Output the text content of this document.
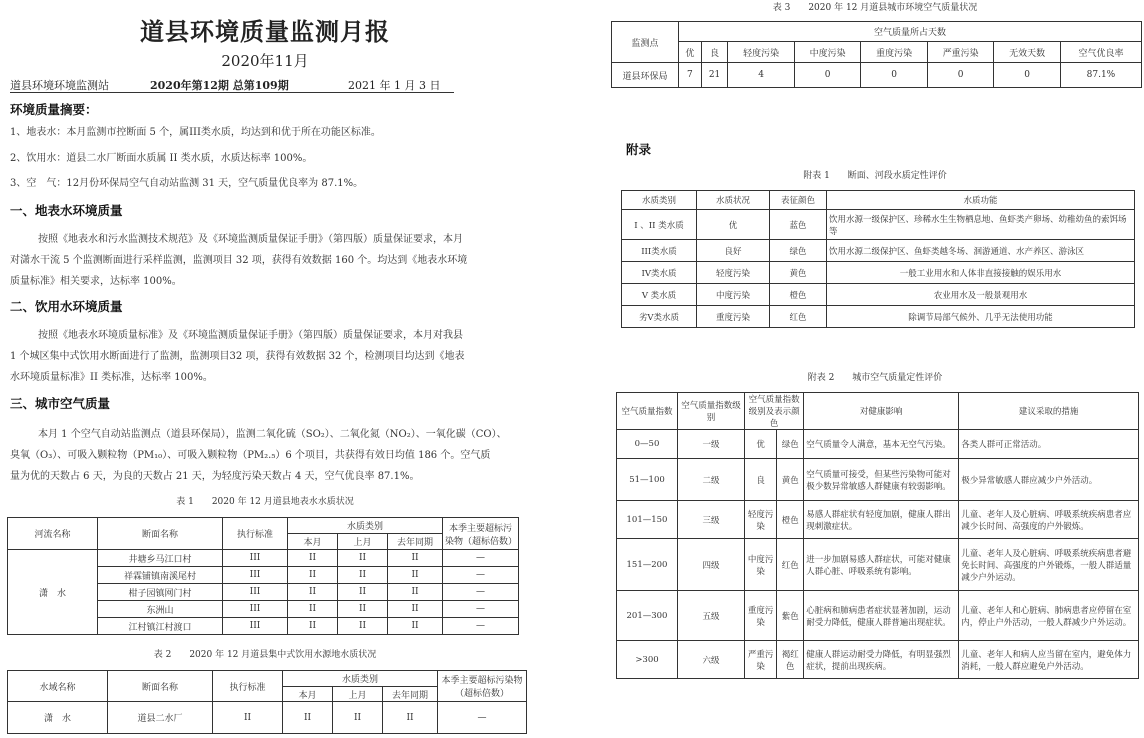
道县环境质量监测月报
2020年11月
道县环境环境监测站	2020年第12期 总第109期	2021 年 1 月 3 日
环境质量摘要：
1、地表水：本月监测市控断面 5 个，属III类水质，均达到和优于所在功能区标准。
2、饮用水：道县二水厂断面水质属 II 类水质，水质达标率 100%。
3、空　气：12月份环保局空气自动站监测 31 天，空气质量优良率为 87.1%。
一、地表水环境质量
按照《地表水和污水监测技术规范》及《环境监测质量保证手册》（第四版）质量保证要求，本月
对潇水干流 5 个监测断面进行采样监测，监测项目 32 项，获得有效数据 160 个。均达到《地表水环境
质量标准》相关要求，达标率 100%。
二、饮用水环境质量
按照《地表水环境质量标准》及《环境监测质量保证手册》（第四版）质量保证要求，本月对我县
1 个城区集中式饮用水断面进行了监测，监测项目32 项，获得有效数据 32 个，检测项目均达到《地表
水环境质量标准》II 类标准，达标率 100%。
三、城市空气质量
本月 1 个空气自动站监测点（道县环保局），监测二氧化硫（SO₂）、二氧化氮（NO₂）、一氧化碳（CO）、
臭氧（O₃）、可吸入颗粒物（PM₁₀）、可吸入颗粒物（PM₂.₅）6 个项目，共获得有效日均值 186 个。空气质
量为优的天数占 6 天，为良的天数占 21 天，为轻度污染天数占 4 天，空气优良率 87.1%。
表 1　　2020 年 12 月道县地表水水质状况
河流名称	断面名称	执行标准	水质类别			本季主要超标污染物（超标倍数）
			本月	上月	去年同期	
潇　水	井塘乡马江口村	III	II	II	II	—
	祥霖铺镇南溪尾村	III	II	II	II	—
	柑子园镇网门村	III	II	II	II	—
	东洲山	III	II	II	II	—
	江村镇江村渡口	III	II	II	II	—
表 2　　2020 年 12 月道县集中式饮用水源地水质状况
水域名称	断面名称	执行标准	水质类别			本季主要超标污染物（超标倍数）
			本月	上月	去年同期	
潇　水	道县二水厂	II	II	II	II	—
表 3　　2020 年 12 月道县城市环境空气质量状况
监测点	空气质量所占天数							
	优	良	轻度污染	中度污染	重度污染	严重污染	无效天数	空气优良率
道县环保局	7	21	4	0	0	0	0	87.1%
附录
附表 1　　断面、河段水质定性评价
水质类别	水质状况	表征颜色	水质功能
I 、II 类水质	优	蓝色	饮用水源一级保护区、珍稀水生生物栖息地、鱼虾类产卵场、幼稚幼鱼的索饵场等
III类水质	良好	绿色	饮用水源二级保护区、鱼虾类越冬场、洄游通道、水产养区、游泳区
IV类水质	轻度污染	黄色	一般工业用水和人体非直接接触的娱乐用水
V 类水质	中度污染	橙色	农业用水及一般景观用水
劣V类水质	重度污染	红色	除调节局部气候外、几乎无法使用功能
附表 2　　城市空气质量定性评价
空气质量指数	空气质量指数级别	空气质量指数级别及表示颜色		对健康影响	建议采取的措施
0—50	一级	优	绿色	空气质量令人满意，基本无空气污染。	各类人群可正常活动。
51—100	二级	良	黄色	空气质量可接受，但某些污染物可能对极少数异常敏感人群健康有较弱影响。	极少异常敏感人群应减少户外活动。
101—150	三级	轻度污染	橙色	易感人群症状有轻度加剧，健康人群出现刺激症状。	儿童、老年人及心脏病、呼吸系统疾病患者应减少长时间、高强度的户外锻炼。
151—200	四级	中度污染	红色	进一步加剧易感人群症状，可能对健康人群心脏、呼吸系统有影响。	儿童、老年人及心脏病、呼吸系统疾病患者避免长时间、高强度的户外锻炼，一般人群适量减少户外运动。
201—300	五级	重度污染	紫色	心脏病和肺病患者症状显著加剧，运动耐受力降低，健康人群普遍出现症状。	儿童、老年人和心脏病、肺病患者应停留在室内，停止户外活动，一般人群减少户外运动。
>300	六级	严重污染	褐红色	健康人群运动耐受力降低，有明显强烈症状，提前出现疾病。	儿童、老年人和病人应当留在室内，避免体力消耗，一般人群应避免户外活动。
